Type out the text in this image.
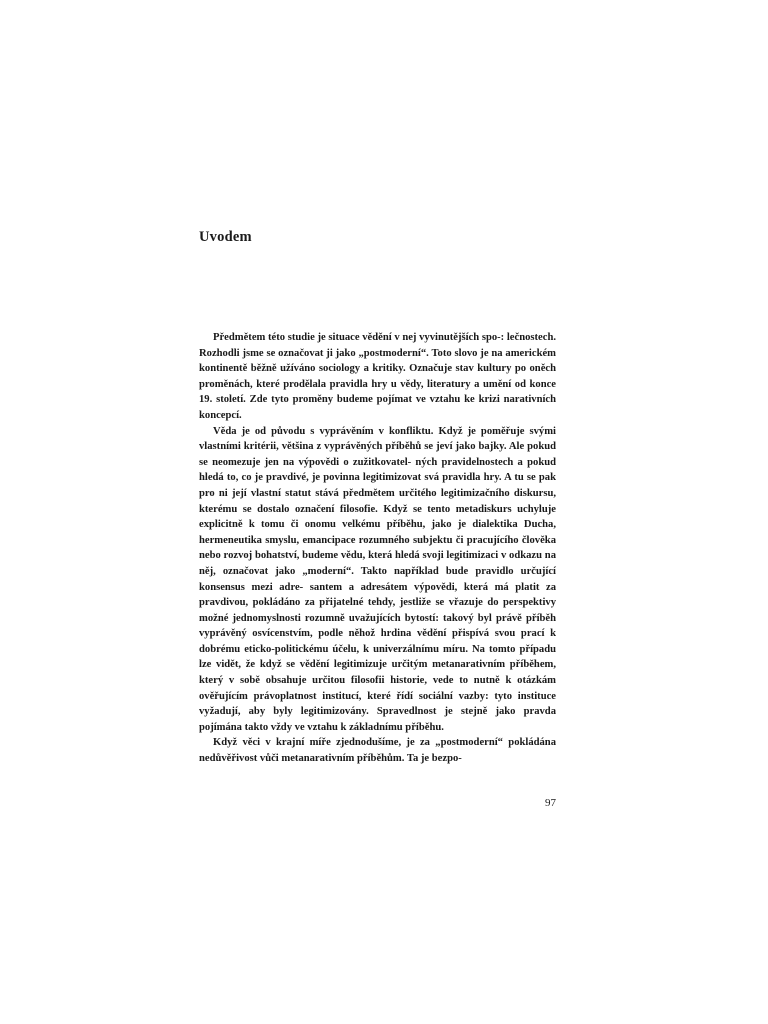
Uvodem

Předmětem této studie je situace vědění v nej vyvinutějších spo-: lečnostech. Rozhodli jsme se označovat ji jako „postmoderní“. Toto slovo je na americkém kontinentě běžně užíváno sociology a kritiky. Označuje stav kultury po oněch proměnách, které prodělala pravidla hry u vědy, literatury a umění od konce 19. století. Zde tyto proměny budeme pojímat ve vztahu ke krizi narativních koncepcí.

Věda je od původu s vyprávěním v konfliktu. Když je poměřuje svými vlastními kritérii, většina z vyprávěných příběhů se jeví jako bajky. Ale pokud se neomezuje jen na výpovědi o zužitkovatel- ných pravidelnostech a pokud hledá to, co je pravdivé, je povinna legitimizovat svá pravidla hry. A tu se pak pro ni její vlastní statut stává předmětem určitého legitimizačního diskursu, kterému se dostalo označení filosofie. Když se tento metadiskurs uchyluje explicitně k tomu či onomu velkému příběhu, jako je dialektika Ducha, hermeneutika smyslu, emancipace rozumného subjektu či pracujícího člověka nebo rozvoj bohatství, budeme vědu, která hledá svoji legitimizaci v odkazu na něj, označovat jako „moderní“. Takto například bude pravidlo určující konsensus mezi adre- santem a adresátem výpovědi, která má platit za pravdivou, pokládáno za přijatelné tehdy, jestliže se vřazuje do perspektivy možné jednomyslnosti rozumně uvažujících bytostí: takový byl právě příběh vyprávěný osvícenstvím, podle něhož hrdina vědění přispívá svou prací k dobrému eticko-politickému účelu, k univerzálnímu míru. Na tomto případu lze vidět, že když se vědění legitimizuje určitým metanarativním příběhem, který v sobě obsahuje určitou filosofii historie, vede to nutně k otázkám ověřujícím právoplatnost institucí, které řídí sociální vazby: tyto instituce vyžadují, aby byly legitimizovány. Spravedlnost je stejně jako pravda pojímána takto vždy ve vztahu k základnímu příběhu.

Když věci v krajní míře zjednodušíme, je za „postmoderní“ pokládána nedůvěřivost vůči metanarativním příběhům. Ta je bezpo-

97
